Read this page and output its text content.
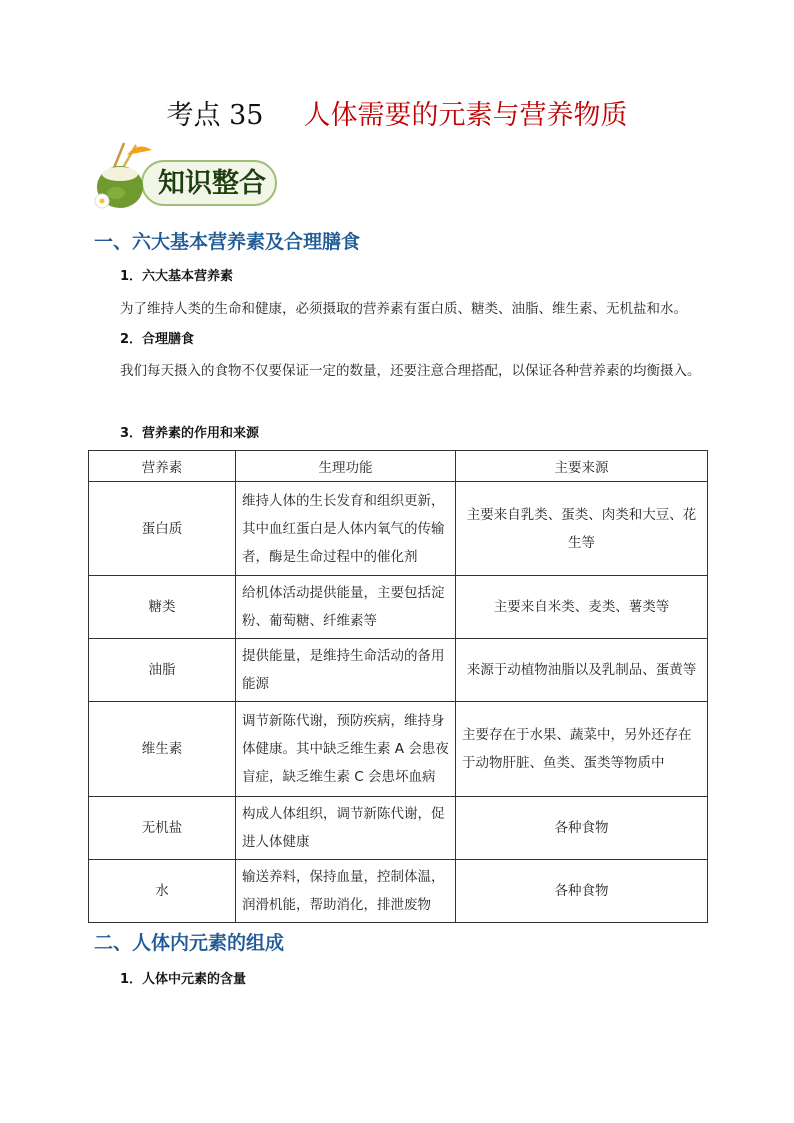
考点 35 人体需要的元素与营养物质
知识整合
一、六大基本营养素及合理膳食
1．六大基本营养素
为了维持人类的生命和健康，必须摄取的营养素有蛋白质、糖类、油脂、维生素、无机盐和水。
2．合理膳食
我们每天摄入的食物不仅要保证一定的数量，还要注意合理搭配，以保证各种营养素的均衡摄入。
3．营养素的作用和来源
营养素	生理功能	主要来源
蛋白质	维持人体的生长发育和组织更新，其中血红蛋白是人体内氧气的传输者，酶是生命过程中的催化剂	主要来自乳类、蛋类、肉类和大豆、花生等
糖类	给机体活动提供能量，主要包括淀粉、葡萄糖、纤维素等	主要来自米类、麦类、薯类等
油脂	提供能量，是维持生命活动的备用能源	来源于动植物油脂以及乳制品、蛋黄等
维生素	调节新陈代谢，预防疾病，维持身体健康。其中缺乏维生素 A 会患夜盲症，缺乏维生素 C 会患坏血病	主要存在于水果、蔬菜中，另外还存在于动物肝脏、鱼类、蛋类等物质中
无机盐	构成人体组织，调节新陈代谢，促进人体健康	各种食物
水	输送养料，保持血量，控制体温，润滑机能，帮助消化，排泄废物	各种食物
二、人体内元素的组成
1．人体中元素的含量
